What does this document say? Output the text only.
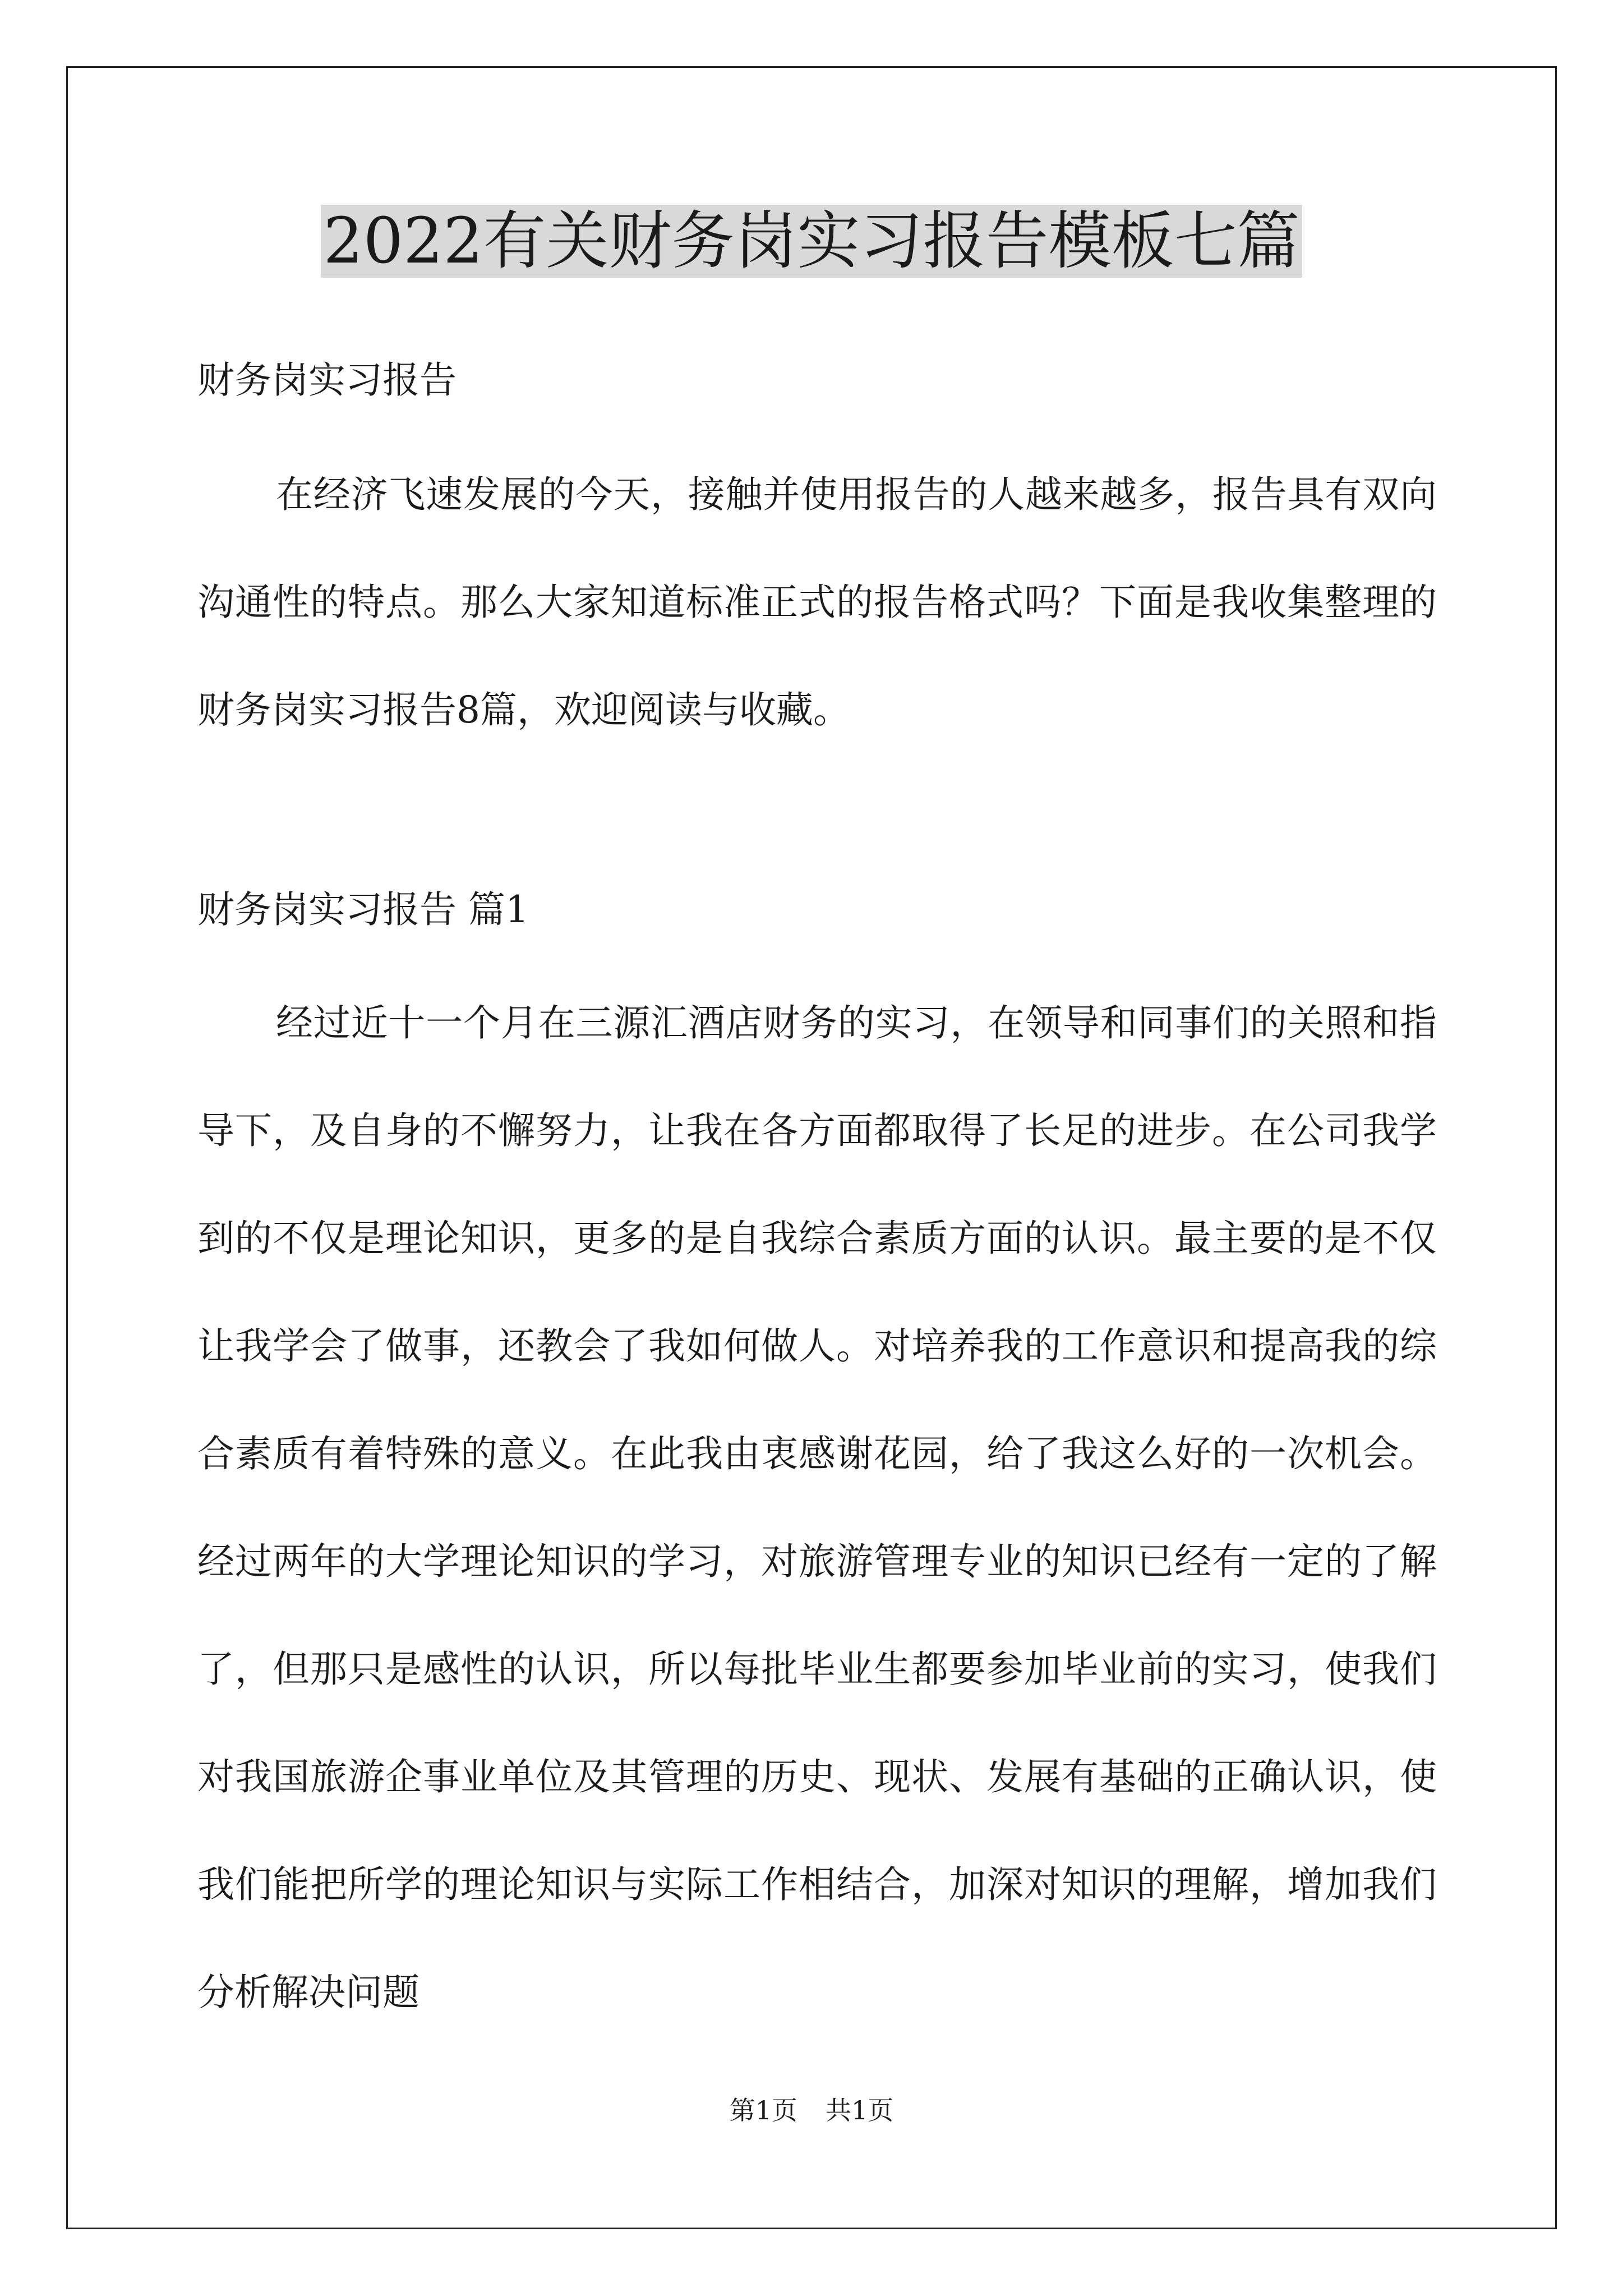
2022有关财务岗实习报告模板七篇

财务岗实习报告

在经济飞速发展的今天，接触并使用报告的人越来越多，报告具有双向沟通性的特点。那么大家知道标准正式的报告格式吗？下面是我收集整理的财务岗实习报告8篇，欢迎阅读与收藏。

财务岗实习报告 篇1

经过近十一个月在三源汇酒店财务的实习，在领导和同事们的关照和指导下，及自身的不懈努力，让我在各方面都取得了长足的进步。在公司我学到的不仅是理论知识，更多的是自我综合素质方面的认识。最主要的是不仅让我学会了做事，还教会了我如何做人。对培养我的工作意识和提高我的综合素质有着特殊的意义。在此我由衷感谢花园，给了我这么好的一次机会。经过两年的大学理论知识的学习，对旅游管理专业的知识已经有一定的了解了，但那只是感性的认识，所以每批毕业生都要参加毕业前的实习，使我们对我国旅游企事业单位及其管理的历史、现状、发展有基础的正确认识，使我们能把所学的理论知识与实际工作相结合，加深对知识的理解，增加我们分析解决问题

第1页 共1页
